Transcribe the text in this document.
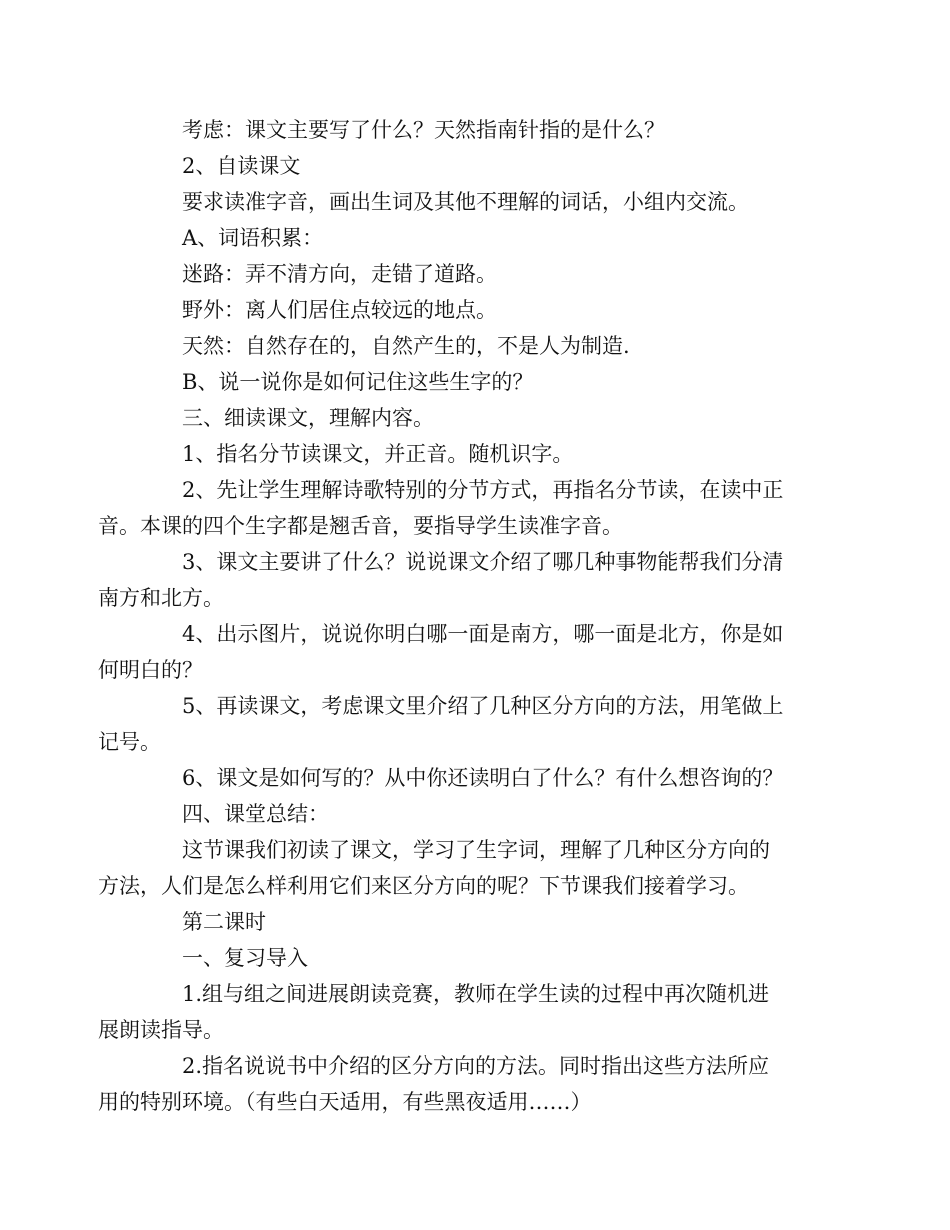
考虑：课文主要写了什么？天然指南针指的是什么？

2、自读课文

要求读准字音，画出生词及其他不理解的词话，小组内交流。

A、词语积累：

迷路：弄不清方向，走错了道路。

野外：离人们居住点较远的地点。

天然：自然存在的，自然产生的，不是人为制造.

B、说一说你是如何记住这些生字的？

三、细读课文，理解内容。

1、指名分节读课文，并正音。随机识字。

2、先让学生理解诗歌特别的分节方式，再指名分节读，在读中正
音。本课的四个生字都是翘舌音，要指导学生读准字音。

3、课文主要讲了什么？说说课文介绍了哪几种事物能帮我们分清
南方和北方。

4、出示图片，说说你明白哪一面是南方，哪一面是北方，你是如
何明白的？

5、再读课文，考虑课文里介绍了几种区分方向的方法，用笔做上
记号。

6、课文是如何写的？从中你还读明白了什么？有什么想咨询的？

四、课堂总结：

这节课我们初读了课文，学习了生字词，理解了几种区分方向的
方法，人们是怎么样利用它们来区分方向的呢？下节课我们接着学习。

第二课时

一、复习导入

1.组与组之间进展朗读竞赛，教师在学生读的过程中再次随机进
展朗读指导。

2.指名说说书中介绍的区分方向的方法。同时指出这些方法所应
用的特别环境。（有些白天适用，有些黑夜适用……）
